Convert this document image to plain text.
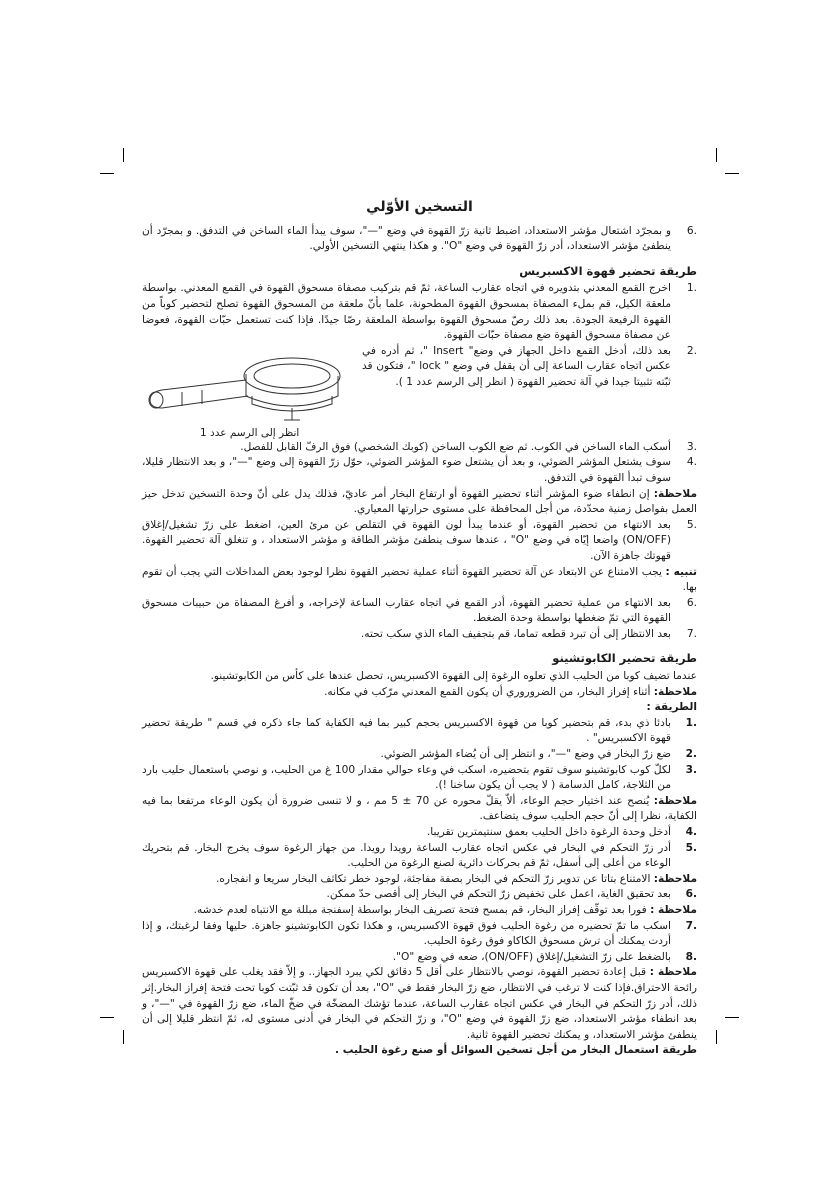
التسخين الأوّلي
6.
و بمجرّد اشتعال مؤشر الاستعداد، اضبط ثانية زرّ القهوة في وضع "—"، سوف يبدأ الماء الساخن في التدفق. و بمجرّد أن ينطفئ مؤشر الاستعداد، أدر زرّ القهوة في وضع "O". و هكذا ينتهي التسخين الأولي.
طريقة تحضير قهوة الاكسبريس
1.
اخرج القمع المعدني بتدويره في اتجاه عقارب الساعة، ثمّ قم بتركيب مصفاة مسحوق القهوة في القمع المعدني. بواسطة ملعقة الكيل، قم بملء المصفاة بمسحوق القهوة المطحونة، علما بأنّ ملعقة من المسحوق القهوة تصلح لتحضير كوباً من القهوة الرفيعة الجودة. بعد ذلك رصّ مسحوق القهوة بواسطة الملعقة رصّا جيدًا. فإذا كنت تستعمل حبّات القهوة، فعوضا عن مصفاة مسحوق القهوة ضع مصفاة حبّات القهوة.
2.
بعد ذلك، أدخل القمع داخل الجهاز في وضع" Insert "، ثم أدره في عكس اتجاه عقارب الساعة إلى أن يقفل في وضع " lock "، فتكون قد ثبّته تثبيتا جيدا في آلة تحضير القهوة ( انظر إلى الرسم عدد 1 ).
انظر إلى الرسم عدد 1
3.
أسكب الماء الساخن في الكوب. ثم ضع الكوب الساخن (كوبك الشخصي) فوق الرفّ القابل للفصل.
4.
سوف يشتعل المؤشر الضوئي، و بعد أن يشتعل ضوء المؤشر الضوئي، حوّل زرّ القهوة إلى وضع "—"، و بعد الانتظار قليلا، سوف تبدأ القهوة في التدفق.

ملاحظة: إن انطفاء ضوء المؤشر أثناء تحضير القهوة أو ارتفاع البخار أمر عاديّ، فذلك يدل على أنّ وحدة التسخين تدخل حيز العمل بفواصل زمنية محدّدة، من أجل المحافظة على مستوى حرارتها المعياري.

5.
بعد الانتهاء من تحضير القهوة، أو عندما يبدأ لون القهوة في التقلص عن مرئ العين، اضغط على زرّ تشغيل/إغلاق (ON/OFF) واضعا إيّاه في وضع "O" ، عندها سوف ينطفئ مؤشر الطاقة و مؤشر الاستعداد ، و تنغلق آلة تحضير القهوة. قهوتك جاهزة الآن.

تنبيه : يجب الامتناع عن الابتعاد عن آلة تحضير القهوة أثناء عملية تحضير القهوة نظرا لوجود بعض المداخلات التي يجب أن تقوم بها.

6.
بعد الانتهاء من عملية تحضير القهوة، أدر القمع في اتجاه عقارب الساعة لإخراجه، و أفرغ المصفاة من حبيبات مسحوق القهوة التي تمّ ضغطها بواسطة وحدة الضغط.
7.
بعد الانتظار إلى أن تبرد قطعه تماما، قم بتجفيف الماء الذي سكب تحته.
طريقة تحضير الكابوتشينو

عندما تضيف كوبا من الحليب الذي تعلوه الرغوة إلى القهوة الاكسبريس، تحصل عندها على كأس من الكابوتشينو.

ملاحظة: أثناء إفراز البخار، من الضروروري أن يكون القمع المعدني مرّكب في مكانه.

الطريقة :

1.
بادئا ذي بدء، قم بتحضير كوبا من قهوة الاكسبريس بحجم كبير بما فيه الكفاية كما جاء ذكره في قسم " طريقة تحضير قهوة الاكسبريس" .
2.
ضع زرّ البخار في وضع "—"، و انتظر إلى أن يُضاء المؤشر الضوئي.
3.
لكلّ كوب كابوتشينو سوف تقوم بتحضيره، اسكب في وعاء حوالي مقدار 100 غ من الحليب، و نوصي باستعمال حليب بارد من الثلاجة، كامل الدسامة ( لا يجب أن يكون ساخنا !).

ملاحظة: يُنصح عند اختيار حجم الوعاء، ألاّ يقلّ محوره عن 70 ± 5 مم ، و لا تنسى ضرورة أن يكون الوعاء مرتفعا بما فيه الكفاية، نظرا إلى أنّ حجم الحليب سوف يتضاعف.

4.
أدخل وحدة الرغوة داخل الحليب بعمق سنتيمترين تقريبا.
5.
أدر زرّ التحكم في البخار في عكس اتجاه عقارب الساعة رويدا رويدا. من جهاز الرغوة سوف يخرج البخار. قم بتحريك الوعاء من أعلى إلى أسفل، ثمّ قم بحركات دائرية لصنع الرغوة من الحليب.

ملاحظة: الامتناع بتاتا عن تدوير زرّ التحكم في البخار بصفة مفاجئة، لوجود خطر تكاثف البخار سريعا و انفجاره.

6.
بعد تحقيق الغاية، اعمل على تخفيض زرّ التحكم في البخار إلى أقصى حدّ ممكن.

ملاحظة : فورا بعد توقّف إفراز البخار، قم بمسح فتحة تصريف البخار بواسطة إسفنجة مبللة مع الانتباه لعدم خدشه.

7.
اسكب ما تمّ تحضيره من رغوة الحليب فوق قهوة الاكسبريس، و هكذا تكون الكابوتشينو جاهزة. حليها وفقا لرغبتك، و إذا أردت يمكنك أن ترش مسحوق الكاكاو فوق رغوة الحليب.
8.
بالضغط على زرّ التشغيل/إغلاق (ON/OFF)، ضعه في وضع "O".

ملاحظة : قبل إعادة تحضير القهوة، نوصي بالانتظار على أقل 5 دقائق لكي يبرد الجهاز.. و إلاّ فقد يغلب على قهوة الاكسبريس رائحة الاحتراق.فإذا كنت لا ترغب في الانتظار، ضع زرّ البخار فقط في "O"، بعد أن تكون قد ثبّتت كوبا تحت فتحة إفراز البخار.إثر ذلك، أدر زرّ التحكم في البخار في عكس اتجاه عقارب الساعة، عندما تؤشك المضخّة في ضخّ الماء، ضع زرّ القهوة في "—"، و بعد انطفاء مؤشر الاستعداد، ضع زرّ القهوة في وضع "O"، و زرّ التحكم في البخار في أدنى مستوى له، ثمّ انتظر قليلا إلى أن ينطفئ مؤشر الاستعداد، و يمكنك تحضير القهوة ثانية.

طريقة استعمال البخار من أجل تسخين السوائل أو صنع رغوة الحليب .
